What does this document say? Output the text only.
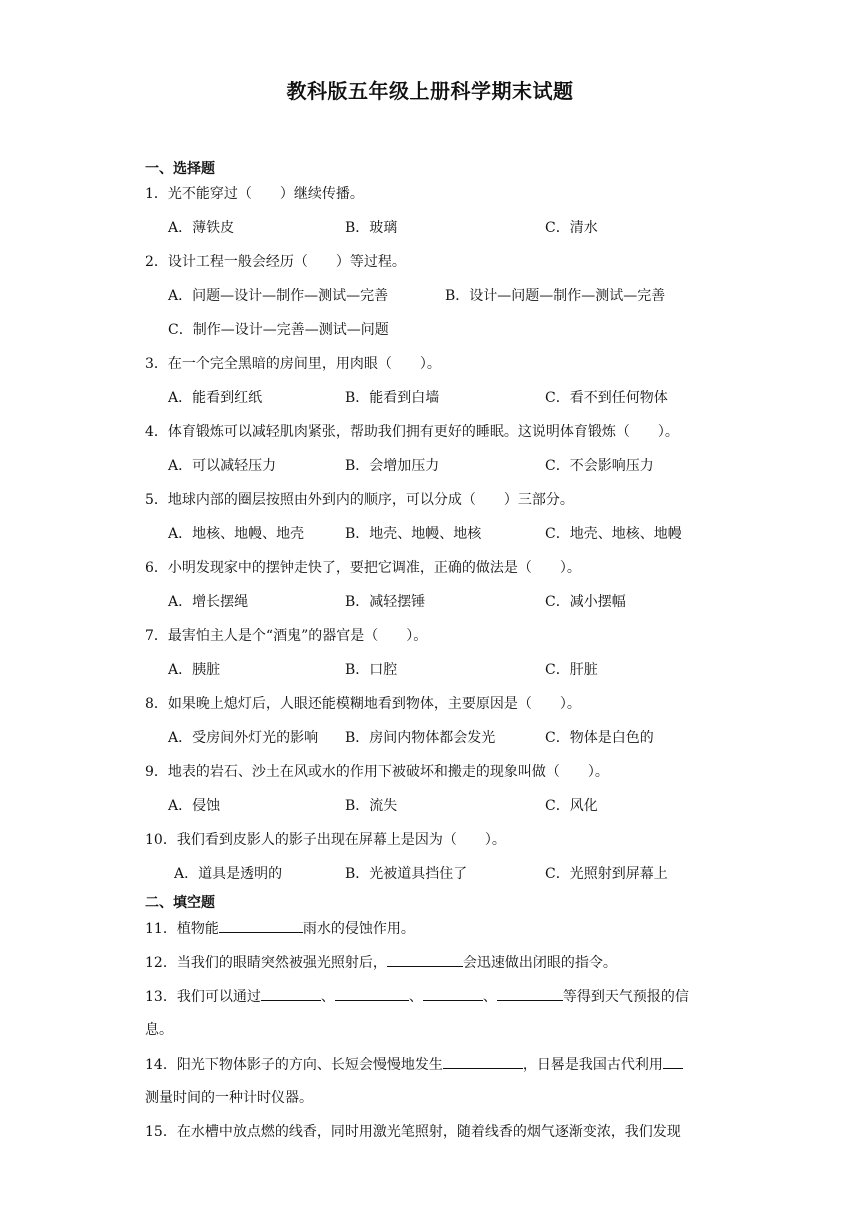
教科版五年级上册科学期末试题
一、选择题
1．光不能穿过（　　）继续传播。
A．薄铁皮	B．玻璃	C．清水
2．设计工程一般会经历（　　）等过程。
A．问题—设计—制作—测试—完善	B．设计—问题—制作—测试—完善
C．制作—设计—完善—测试—问题
3．在一个完全黑暗的房间里，用肉眼（　　）。
A．能看到红纸	B．能看到白墙	C．看不到任何物体
4．体育锻炼可以减轻肌肉紧张，帮助我们拥有更好的睡眠。这说明体育锻炼（　　）。
A．可以减轻压力	B．会增加压力	C．不会影响压力
5．地球内部的圈层按照由外到内的顺序，可以分成（　　）三部分。
A．地核、地幔、地壳	B．地壳、地幔、地核	C．地壳、地核、地幔
6．小明发现家中的摆钟走快了，要把它调准，正确的做法是（　　）。
A．增长摆绳	B．减轻摆锤	C．减小摆幅
7．最害怕主人是个“酒鬼”的器官是（　　）。
A．胰脏	B．口腔	C．肝脏
8．如果晚上熄灯后，人眼还能模糊地看到物体，主要原因是（　　）。
A．受房间外灯光的影响 B．房间内物体都会发光	C．物体是白色的
9．地表的岩石、沙土在风或水的作用下被破坏和搬走的现象叫做（　　）。
A．侵蚀	B．流失	C．风化
10．我们看到皮影人的影子出现在屏幕上是因为（　　）。
A．道具是透明的	B．光被道具挡住了	C．光照射到屏幕上
二、填空题
11．植物能	雨水的侵蚀作用。
12．当我们的眼睛突然被强光照射后，	会迅速做出闭眼的指令。
13．我们可以通过	、	、	、	等得到天气预报的信
息。
14．阳光下物体影子的方向、长短会慢慢地发生	，日晷是我国古代利用
测量时间的一种计时仪器。
15．在水槽中放点燃的线香，同时用激光笔照射，随着线香的烟气逐渐变浓，我们发现
